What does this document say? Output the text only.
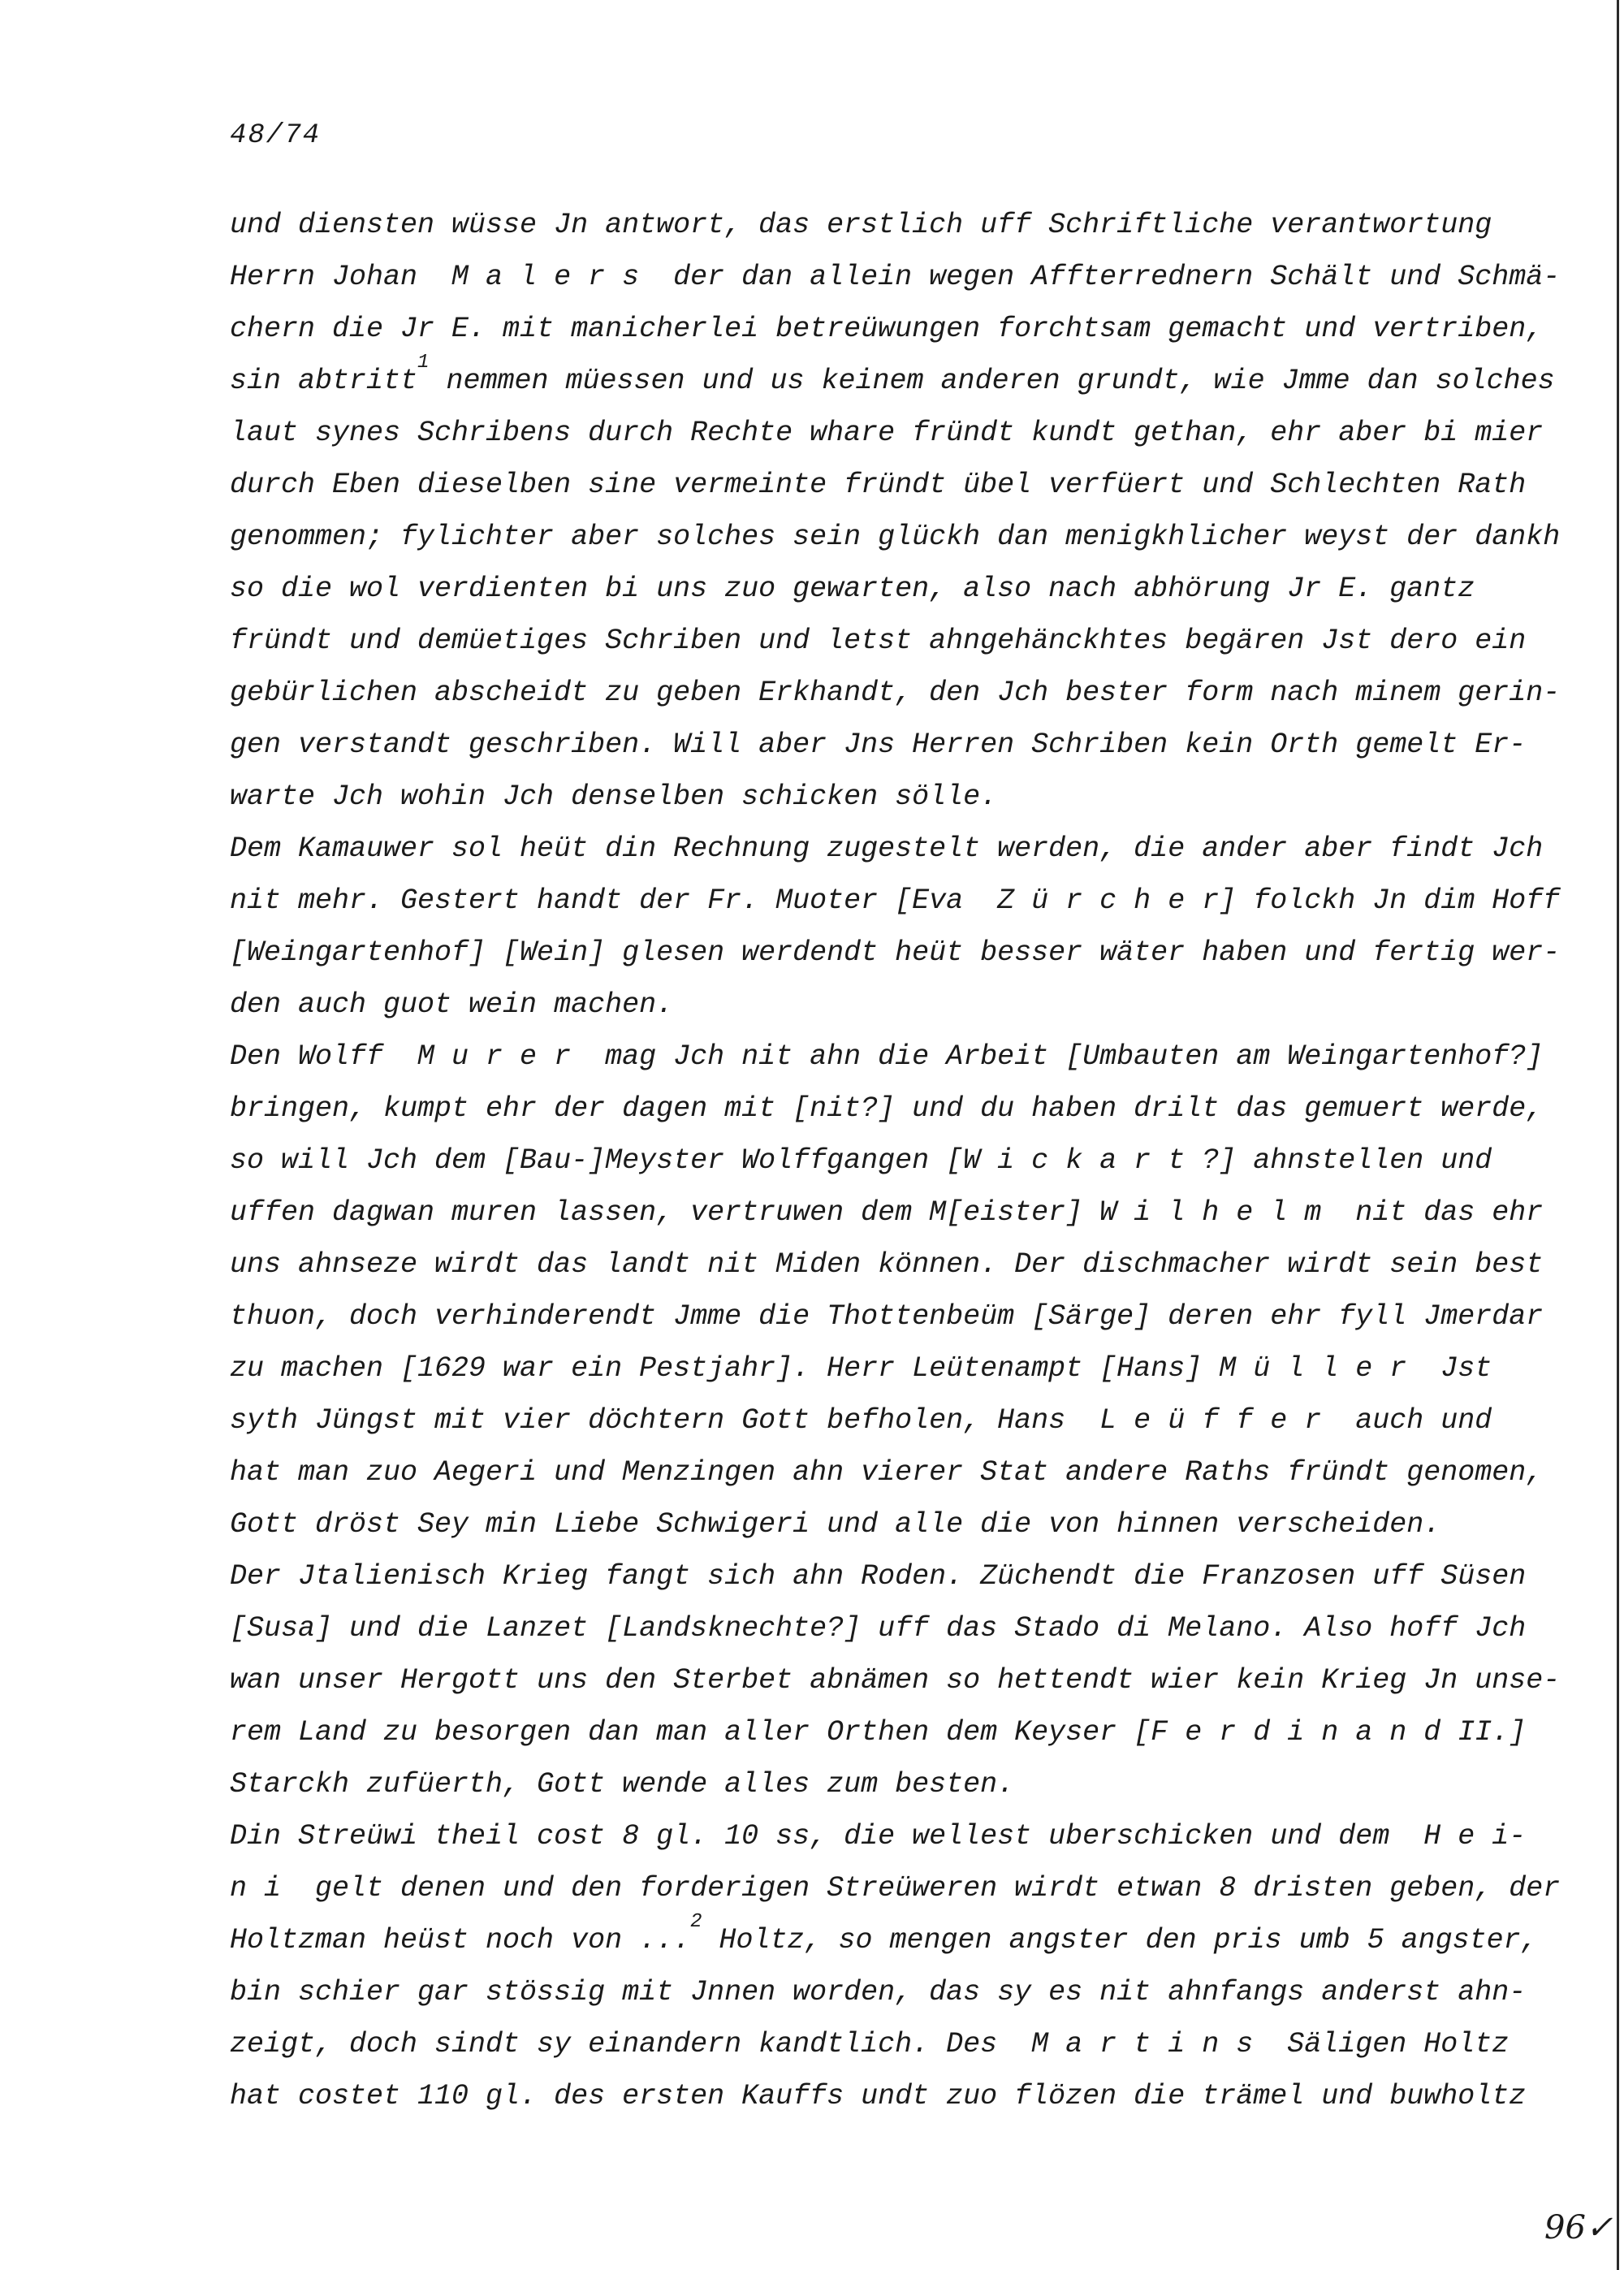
48/74
und diensten wüsse Jn antwort, das erstlich uff Schriftliche verantwortung
Herrn Johan  M a l e r s  der dan allein wegen Affterrednern Schält und Schmä-
chern die Jr E. mit manicherlei betreüwungen forchtsam gemacht und vertriben,
sin abtritt$^1$ nemmen müessen und us keinem anderen grundt, wie Jmme dan solches
laut synes Schribens durch Rechte whare fründt kundt gethan, ehr aber bi mier
durch Eben dieselben sine vermeinte fründt übel verfüert und Schlechten Rath
genommen; fylichter aber solches sein glückh dan menigkhlicher weyst der dankh
so die wol verdienten bi uns zuo gewarten, also nach abhörung Jr E. gantz
fründt und demüetiges Schriben und letst ahngehänckhtes begären Jst dero ein
gebürlichen abscheidt zu geben Erkhandt, den Jch bester form nach minem gerin-
gen verstandt geschriben. Will aber Jns Herren Schriben kein Orth gemelt Er-
warte Jch wohin Jch denselben schicken sölle.
Dem Kamauwer sol heüt din Rechnung zugestelt werden, die ander aber findt Jch
nit mehr. Gestert handt der Fr. Muoter [Eva  Z ü r c h e r] folckh Jn dim Hoff
[Weingartenhof] [Wein] glesen werdendt heüt besser wäter haben und fertig wer-
den auch guot wein machen.
Den Wolff  M u r e r  mag Jch nit ahn die Arbeit [Umbauten am Weingartenhof?]
bringen, kumpt ehr der dagen mit [nit?] und du haben drilt das gemuert werde,
so will Jch dem [Bau-]Meyster Wolffgangen [W i c k a r t ?] ahnstellen und
uffen dagwan muren lassen, vertruwen dem M[eister] W i l h e l m  nit das ehr
uns ahnseze wirdt das landt nit Miden können. Der dischmacher wirdt sein best
thuon, doch verhinderendt Jmme die Thottenbeüm [Särge] deren ehr fyll Jmerdar
zu machen [1629 war ein Pestjahr]. Herr Leütenampt [Hans] M ü l l e r  Jst
syth Jüngst mit vier döchtern Gott befholen, Hans  L e ü f f e r  auch und
hat man zuo Aegeri und Menzingen ahn vierer Stat andere Raths fründt genomen,
Gott dröst Sey min Liebe Schwigeri und alle die von hinnen verscheiden.
Der Jtalienisch Krieg fangt sich ahn Roden. Züchendt die Franzosen uff Süsen
[Susa] und die Lanzet [Landsknechte?] uff das Stado di Melano. Also hoff Jch
wan unser Hergott uns den Sterbet abnämen so hettendt wier kein Krieg Jn unse-
rem Land zu besorgen dan man aller Orthen dem Keyser [F e r d i n a n d II.]
Starckh zufüerth, Gott wende alles zum besten.
Din Streüwi theil cost 8 gl. 10 ss, die wellest uberschicken und dem  H e i-
n i  gelt denen und den forderigen Streüweren wirdt etwan 8 dristen geben, der
Holtzman heüst noch von ...$^2$ Holtz, so mengen angster den pris umb 5 angster,
bin schier gar stössig mit Jnnen worden, das sy es nit ahnfangs anderst ahn-
zeigt, doch sindt sy einandern kandtlich. Des  M a r t i n s  Säligen Holtz
hat costet 110 gl. des ersten Kauffs undt zuo flözen die trämel und buwholtz
96✓
